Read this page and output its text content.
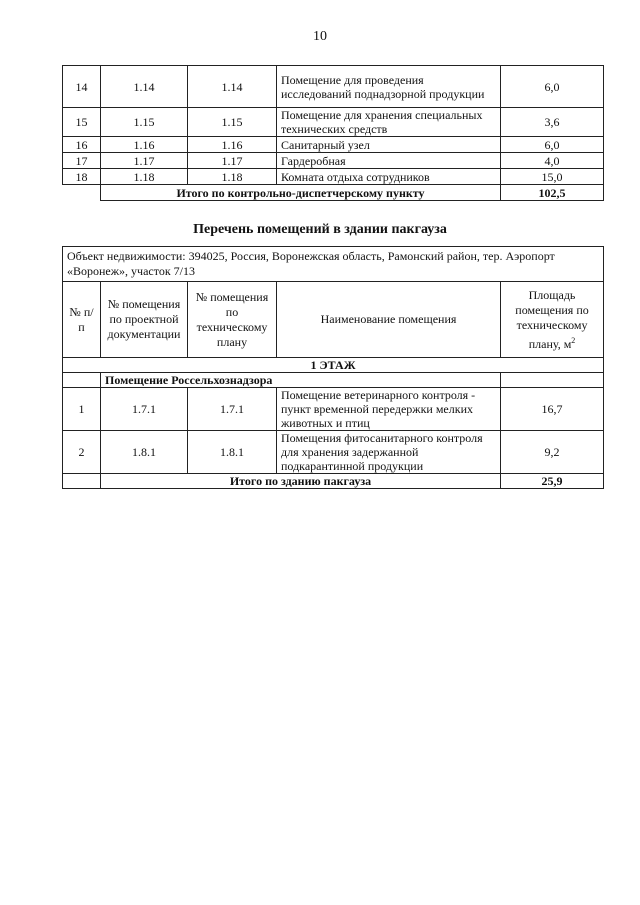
10
14	1.14	1.14	Помещение для проведения исследований поднадзорной продукции	6,0
15	1.15	1.15	Помещение для хранения специальных технических средств	3,6
16	1.16	1.16	Санитарный узел	6,0
17	1.17	1.17	Гардеробная	4,0
18	1.18	1.18	Комната отдыха сотрудников	15,0
	Итого по контрольно-диспетчерскому пункту			102,5
Перечень помещений в здании пакгауза
Объект недвижимости: 394025, Россия, Воронежская область, Рамонский район, тер. Аэропорт «Воронеж», участок 7/13				
№ п/п	№ помещения по проектной документации	№ помещения по техническому плану	Наименование помещения	Площадь помещения по техническому плану, $м^2$
1 ЭТАЖ				
	Помещение Россельхознадзора			
1	1.7.1	1.7.1	Помещение ветеринарного контроля - пункт временной передержки мелких животных и птиц	16,7
2	1.8.1	1.8.1	Помещения фитосанитарного контроля для хранения задержанной подкарантинной продукции	9,2
	Итого по зданию пакгауза			25,9
